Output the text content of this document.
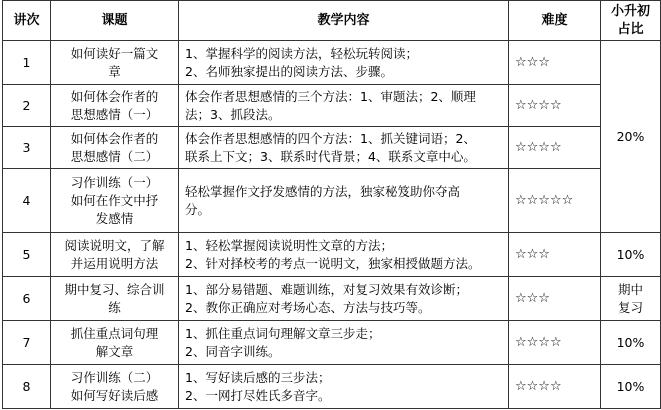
讲次	课题	教学内容	难度	小升初
占比

1	如何读好一篇文
章	1、掌握科学的阅读方法，轻松玩转阅读；
2、名师独家提出的阅读方法、步骤。	☆☆☆	20%
2	如何体会作者的
思想感情（一）	体会作者思想感情的三个方法：1、审题法；2、顺理
法；3、抓段法。	☆☆☆☆	
3	如何体会作者的
思想感情（二）	体会作者思想感情的四个方法：1、抓关键词语；2、
联系上下文；3、联系时代背景；4、联系文章中心。	☆☆☆☆	
4	习作训练（一）
如何在作文中抒
发感情	轻松掌握作文抒发感情的方法，独家秘笈助你夺高
分。	☆☆☆☆☆	
5	阅读说明文，了解
并运用说明方法	1、轻松掌握阅读说明性文章的方法；
2、针对择校考的考点一说明文，独家相授做题方法。	☆☆☆	10%
6	期中复习、综合训
练	1、部分易错题、难题训练，对复习效果有效诊断；
2、教你正确应对考场心态、方法与技巧等。	☆☆☆	期中
复习

7	抓住重点词句理
解文章	1、抓住重点词句理解文章三步走；
2、同音字训练。	☆☆☆☆	10%
8	习作训练（二）
如何写好读后感	1、写好读后感的三步法；
2、一网打尽姓氏多音字。	☆☆☆☆	10%
